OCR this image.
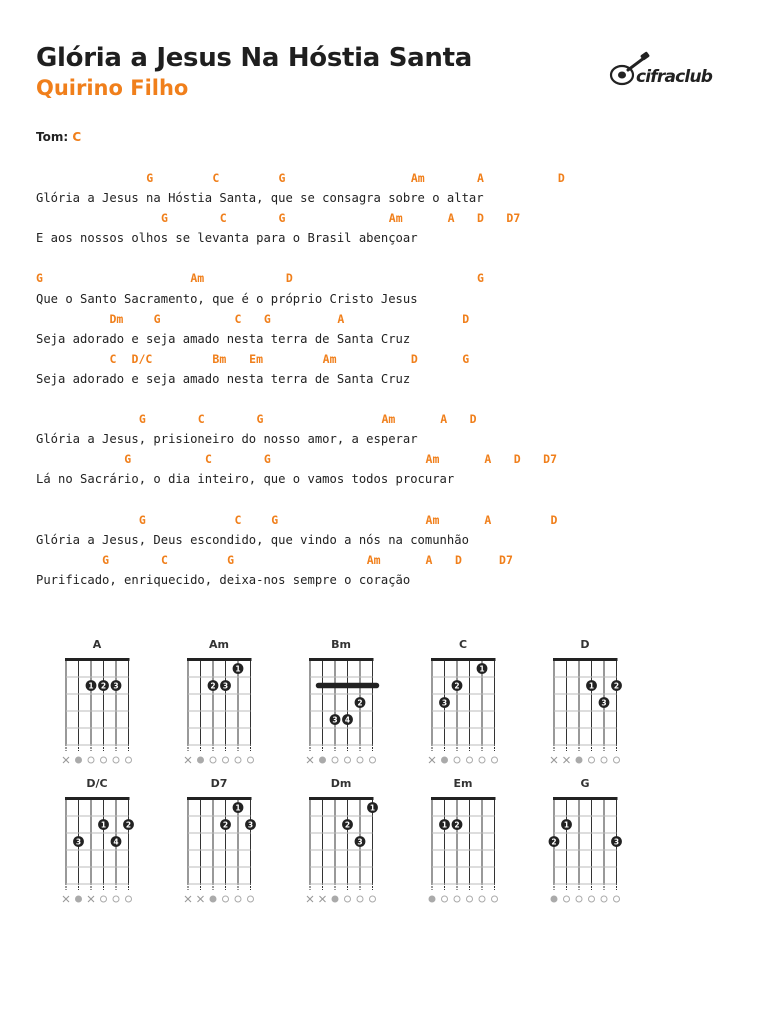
Glória a Jesus Na Hóstia Santa
Quirino Filho	cifraclub
Tom: C
G	C	G	Am	A	D
Glória a Jesus na Hóstia Santa, que se consagra sobre o altar
G	C	G	Am	A D D7
E aos nossos olhos se levanta para o Brasil abençoar
G	Am	D	G
Que o Santo Sacramento, que é o próprio Cristo Jesus
Dm	G	C G	A	D
Seja adorado e seja amado nesta terra de Santa Cruz
C D/C	Bm Em	Am	D	G
Seja adorado e seja amado nesta terra de Santa Cruz
G	C	G	Am	A D
Glória a Jesus, prisioneiro do nosso amor, a esperar
G	C	G	Am	A D D7
Lá no Sacrário, o dia inteiro, que o vamos todos procurar
G	C	G	Am	A	D
Glória a Jesus, Deus escondido, que vindo a nós na comunhão
G	C	G	Am	A D	D7
Purificado, enriquecido, deixa-nos sempre o coração
A
1 2 3
Am
1
2 3
Bm
2
3 4
C
1
2
3
D
1	2
3
D/C
1	2
3	4
D7
1
2	3
Dm
1
2
3
Em
1 2
G
1
2	3
